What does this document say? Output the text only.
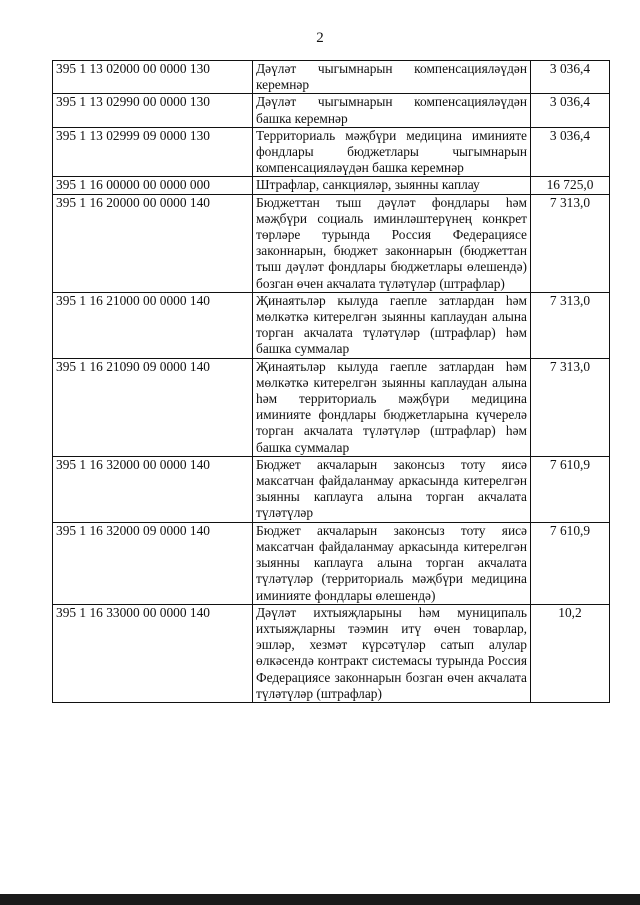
2
395 1 13 02000 00 0000 130	Дәүләт чыгымнарын компенсацияләүдән керемнәр	3 036,4
395 1 13 02990 00 0000 130	Дәүләт чыгымнарын компенсацияләүдән башка керемнәр	3 036,4
395 1 13 02999 09 0000 130	Территориаль мәҗбүри медицина иминияте фондлары бюджетлары чыгымнарын компенсацияләүдән башка керемнәр	3 036,4
395 1 16 00000 00 0000 000	Штрафлар, санкцияләр, зыянны каплау	16 725,0
395 1 16 20000 00 0000 140	Бюджеттан тыш дәүләт фондлары һәм мәҗбүри социаль иминләштерүнең конкрет төрләре турында Россия Федерациясе законнарын, бюджет законнарын (бюджеттан тыш дәүләт фондлары бюджетлары өлешендә) бозган өчен акчалата түләтүләр (штрафлар)	7 313,0
395 1 16 21000 00 0000 140	Җинаятьләр кылуда гаепле затлардан һәм мөлкәткә китерелгән зыянны каплаудан алына торган акчалата түләтүләр (штрафлар) һәм башка суммалар	7 313,0
395 1 16 21090 09 0000 140	Җинаятьләр кылуда гаепле затлардан һәм мөлкәткә китерелгән зыянны каплаудан алына һәм территориаль мәҗбүри медицина иминияте фондлары бюджетларына күчерелә торган акчалата түләтүләр (штрафлар) һәм башка суммалар	7 313,0
395 1 16 32000 00 0000 140	Бюджет акчаларын законсыз тоту яисә максатчан файдаланмау аркасында китерелгән зыянны каплауга алына торган акчалата түләтүләр	7 610,9
395 1 16 32000 09 0000 140	Бюджет акчаларын законсыз тоту яисә максатчан файдаланмау аркасында китерелгән зыянны каплауга алына торган акчалата түләтүләр (территориаль мәҗбүри медицина иминияте фондлары өлешендә)	7 610,9
395 1 16 33000 00 0000 140	Дәүләт ихтыяҗларыны һәм муниципаль ихтыяҗларны тәэмин итү өчен товарлар, эшләр, хезмәт күрсәтүләр сатып алулар өлкәсендә контракт системасы турында Россия Федерациясе законнарын бозган өчен акчалата түләтүләр (штрафлар)	10,2
